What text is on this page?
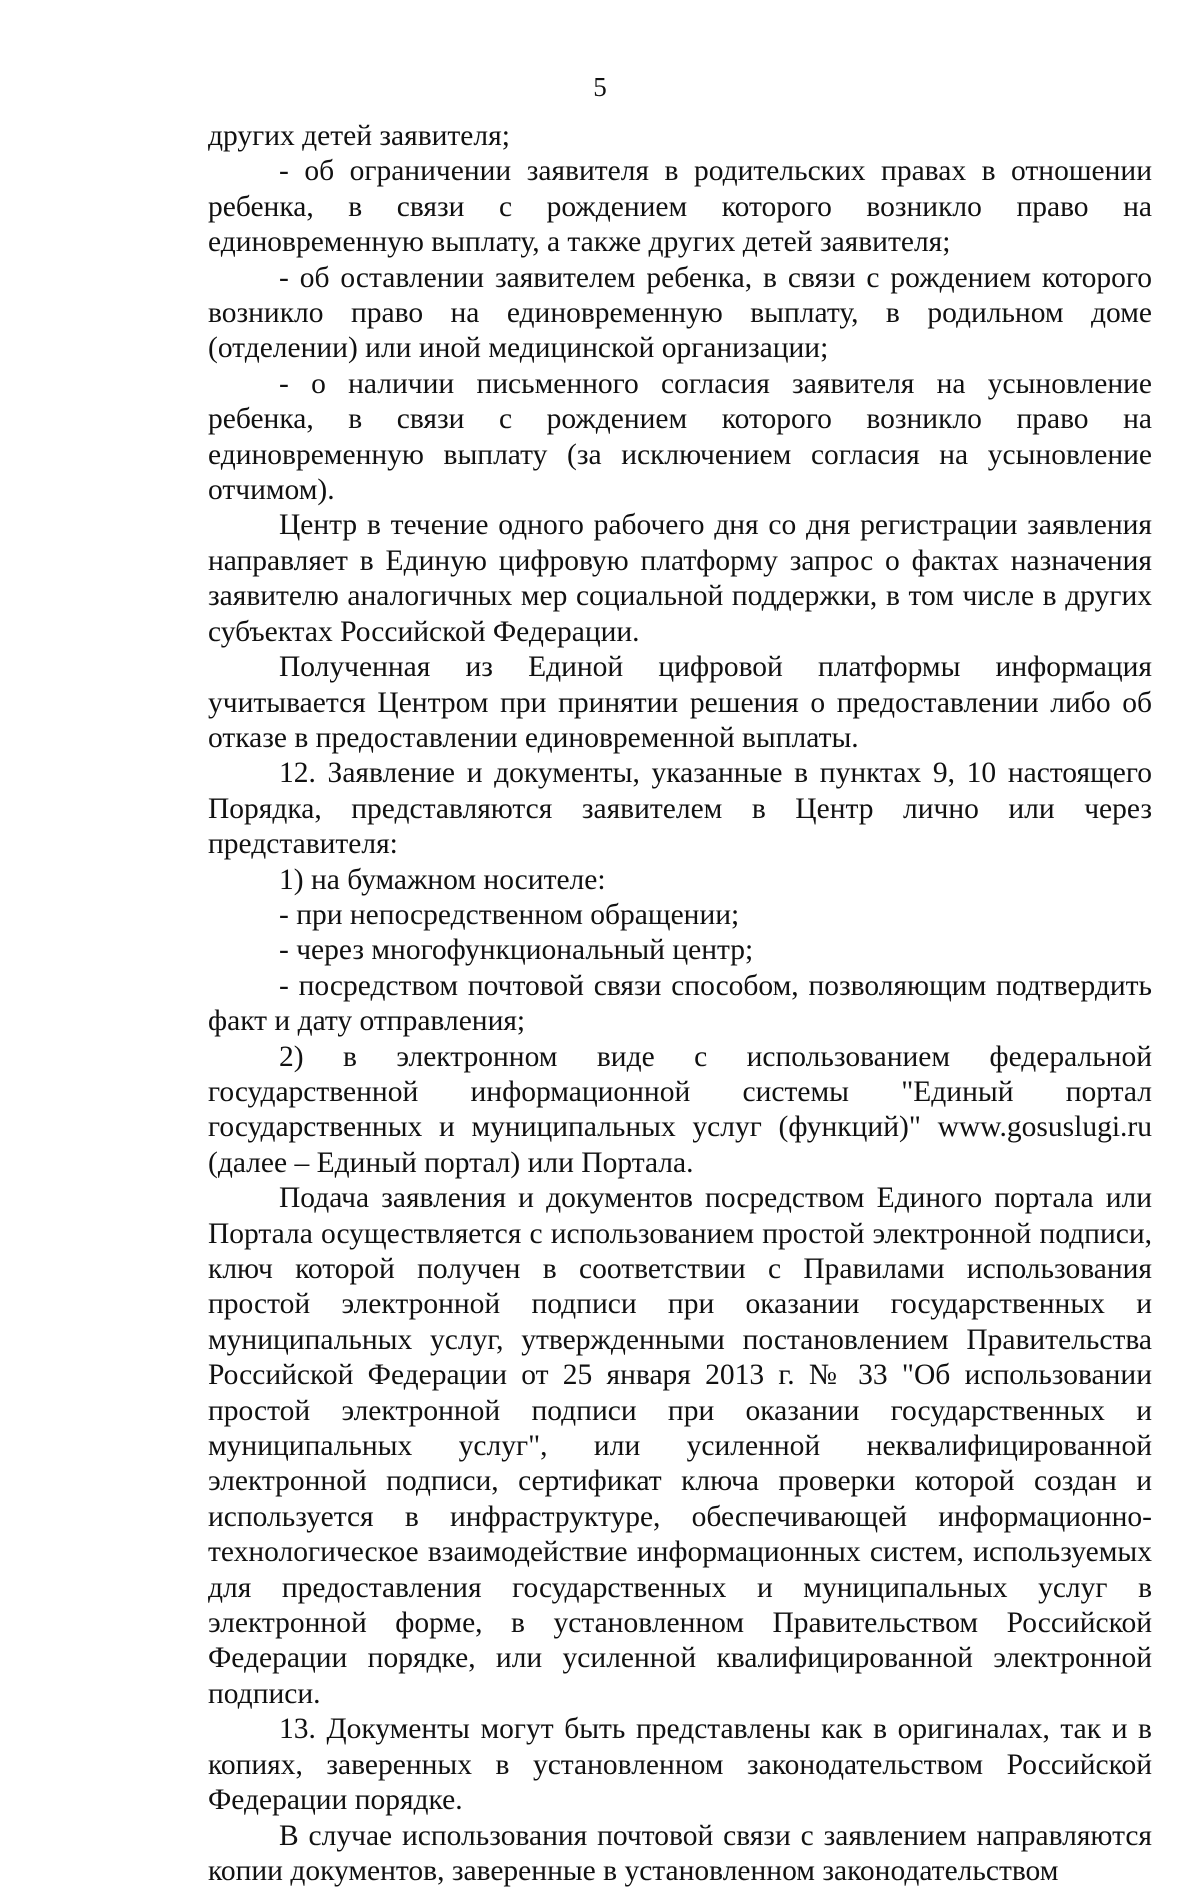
5

других детей заявителя;

- об ограничении заявителя в родительских правах в отношении ребенка, в связи с рождением которого возникло право на единовременную выплату, а также других детей заявителя;

- об оставлении заявителем ребенка, в связи с рождением которого возникло право на единовременную выплату, в родильном доме (отделении) или иной медицинской организации;

- о наличии письменного согласия заявителя на усыновление ребенка, в связи с рождением которого возникло право на единовременную выплату (за исключением согласия на усыновление отчимом).

Центр в течение одного рабочего дня со дня регистрации заявления направляет в Единую цифровую платформу запрос о фактах назначения заявителю аналогичных мер социальной поддержки, в том числе в других субъектах Российской Федерации.

Полученная из Единой цифровой платформы информация учитывается Центром при принятии решения о предоставлении либо об отказе в предоставлении единовременной выплаты.

12. Заявление и документы, указанные в пунктах 9, 10 настоящего Порядка, представляются заявителем в Центр лично или через представителя:

1) на бумажном носителе:

- при непосредственном обращении;

- через многофункциональный центр;

- посредством почтовой связи способом, позволяющим подтвердить факт и дату отправления;

2) в электронном виде с использованием федеральной государственной информационной системы "Единый портал государственных и муниципальных услуг (функций)" www.gosuslugi.ru (далее – Единый портал) или Портала.

Подача заявления и документов посредством Единого портала или Портала осуществляется с использованием простой электронной подписи, ключ которой получен в соответствии с Правилами использования простой электронной подписи при оказании государственных и муниципальных услуг, утвержденными постановлением Правительства Российской Федерации от 25 января 2013 г. № 33 "Об использовании простой электронной подписи при оказании государственных и муниципальных услуг", или усиленной неквалифицированной электронной подписи, сертификат ключа проверки которой создан и используется в инфраструктуре, обеспечивающей информационно-технологическое взаимодействие информационных систем, используемых для предоставления государственных и муниципальных услуг в электронной форме, в установленном Правительством Российской Федерации порядке, или усиленной квалифицированной электронной подписи.

13. Документы могут быть представлены как в оригиналах, так и в копиях, заверенных в установленном законодательством Российской Федерации порядке.

В случае использования почтовой связи с заявлением направляются копии документов, заверенные в установленном законодательством
